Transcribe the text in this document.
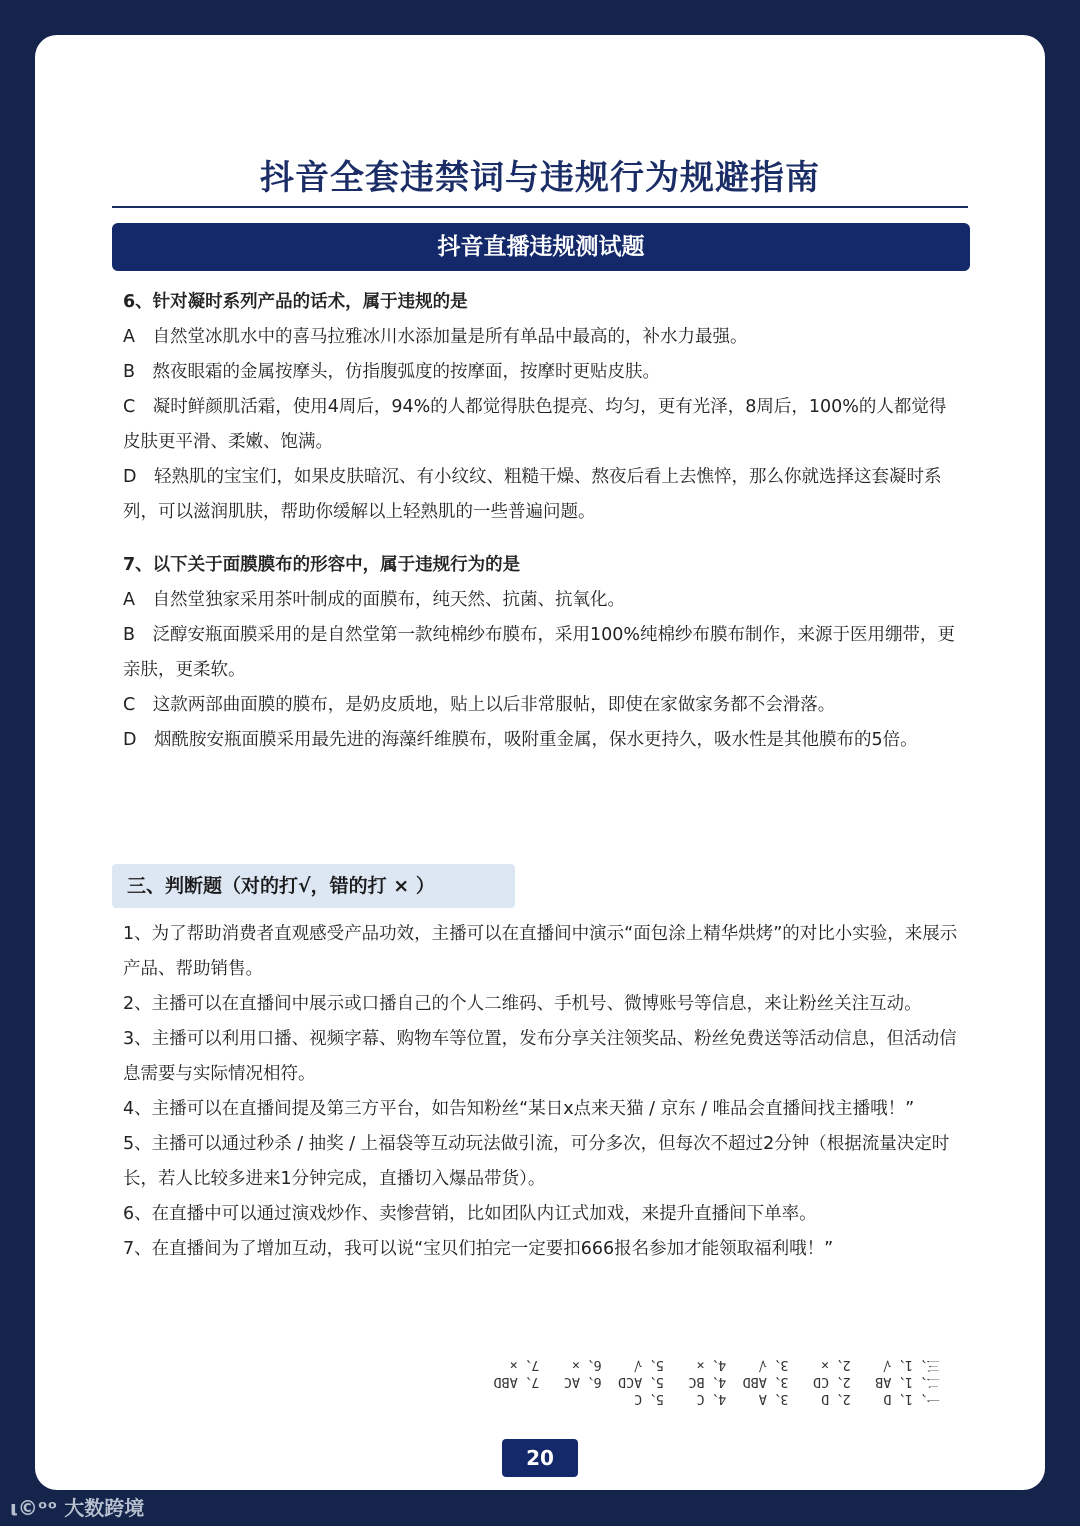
抖音全套违禁词与违规行为规避指南
抖音直播违规测试题

6、针对凝时系列产品的话术，属于违规的是

A　自然堂冰肌水中的喜马拉雅冰川水添加量是所有单品中最高的，补水力最强。

B　熬夜眼霜的金属按摩头，仿指腹弧度的按摩面，按摩时更贴皮肤。

C　凝时鲜颜肌活霜，使用4周后，94%的人都觉得肤色提亮、均匀，更有光泽，8周后，100%的人都觉得皮肤更平滑、柔嫩、饱满。

D　轻熟肌的宝宝们，如果皮肤暗沉、有小纹纹、粗糙干燥、熬夜后看上去憔悴，那么你就选择这套凝时系列，可以滋润肌肤，帮助你缓解以上轻熟肌的一些普遍问题。

7、以下关于面膜膜布的形容中，属于违规行为的是

A　自然堂独家采用茶叶制成的面膜布，纯天然、抗菌、抗氧化。

B　泛醇安瓶面膜采用的是自然堂第一款纯棉纱布膜布，采用100%纯棉纱布膜布制作，来源于医用绷带，更亲肤，更柔软。

C　这款两部曲面膜的膜布，是奶皮质地，贴上以后非常服帖，即使在家做家务都不会滑落。

D　烟酰胺安瓶面膜采用最先进的海藻纤维膜布，吸附重金属，保水更持久，吸水性是其他膜布的5倍。

三、判断题（对的打√，错的打 × ）

1、为了帮助消费者直观感受产品功效，主播可以在直播间中演示“面包涂上精华烘烤”的对比小实验，来展示产品、帮助销售。

2、主播可以在直播间中展示或口播自己的个人二维码、手机号、微博账号等信息，来让粉丝关注互动。

3、主播可以利用口播、视频字幕、购物车等位置，发布分享关注领奖品、粉丝免费送等活动信息，但活动信息需要与实际情况相符。

4、主播可以在直播间提及第三方平台，如告知粉丝“某日x点来天猫 / 京东 / 唯品会直播间找主播哦！”

5、主播可以通过秒杀 / 抽奖 / 上福袋等互动玩法做引流，可分多次，但每次不超过2分钟（根据流量决定时长，若人比较多进来1分钟完成，直播切入爆品带货）。

6、在直播中可以通过演戏炒作、卖惨营销，比如团队内讧式加戏，来提升直播间下单率。

7、在直播间为了增加互动，我可以说“宝贝们拍完一定要扣666报名参加才能领取福利哦！”

一、1、D    2、D    3、A    4、C    5、C
二、1、AB   2、CD   3、ABD  4、BC   5、ACD  6、AC   7、ABD
三、1、√    2、×    3、√    4、×    5、√    6、×    7、×
20
ι©ᵒᵒ 大数跨境
